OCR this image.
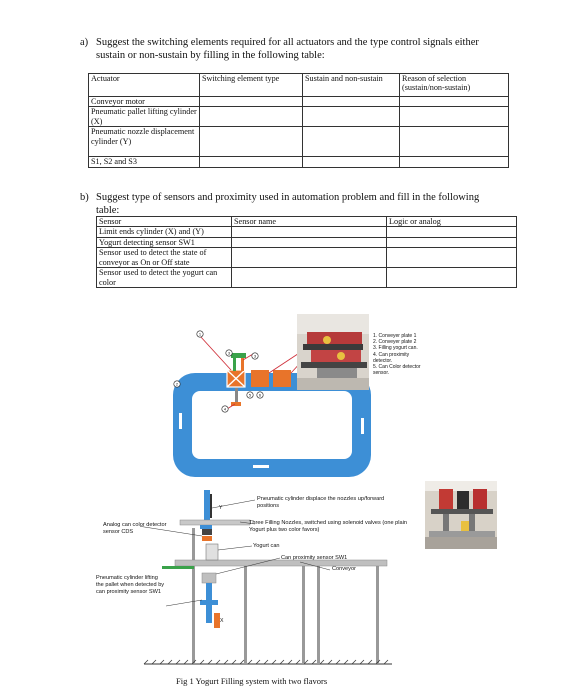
a) Suggest the switching elements required for all actuators and the type control signals either
sustain or non-sustain by filling in the following table:
Actuator	Switching element type	Sustain and non-sustain	Reason of selection (sustain/non-sustain)
Conveyor motor			
Pneumatic pallet lifting cylinder (X)			
Pneumatic nozzle displacement cylinder (Y)			
S1, S2 and S3			
b) Suggest type of sensors and proximity used in automation problem and fill in the following
table:
Sensor	Sensor name	Logic or analog
Limit ends cylinder (X) and (Y)		
Yogurt detecting sensor SW1		
Sensor used to detect the state of conveyor as On or Off state		
Sensor used to detect the yogurt can color		
1
3
3
2
4
5 6
1. Conveyer plate 1
2. Conveyer plate 2
3. Filling yogurt can.
4. Can proximity detector.
5. Can Color detector sensor.
Y
X
Analog can color detector sensor CDS
Pneumatic cylinder lifting the pallet when detected by can proximity sensor SW1
Pneumatic cylinder displace the nozzles up/forward positions
Three Filling Nozzles, switched using solenoid valves (one plain Yogurt plus two color favors)
Yogurt can
Can proximity sensor SW1
Conveyor
Fig 1 Yogurt Filling system with two flavors
